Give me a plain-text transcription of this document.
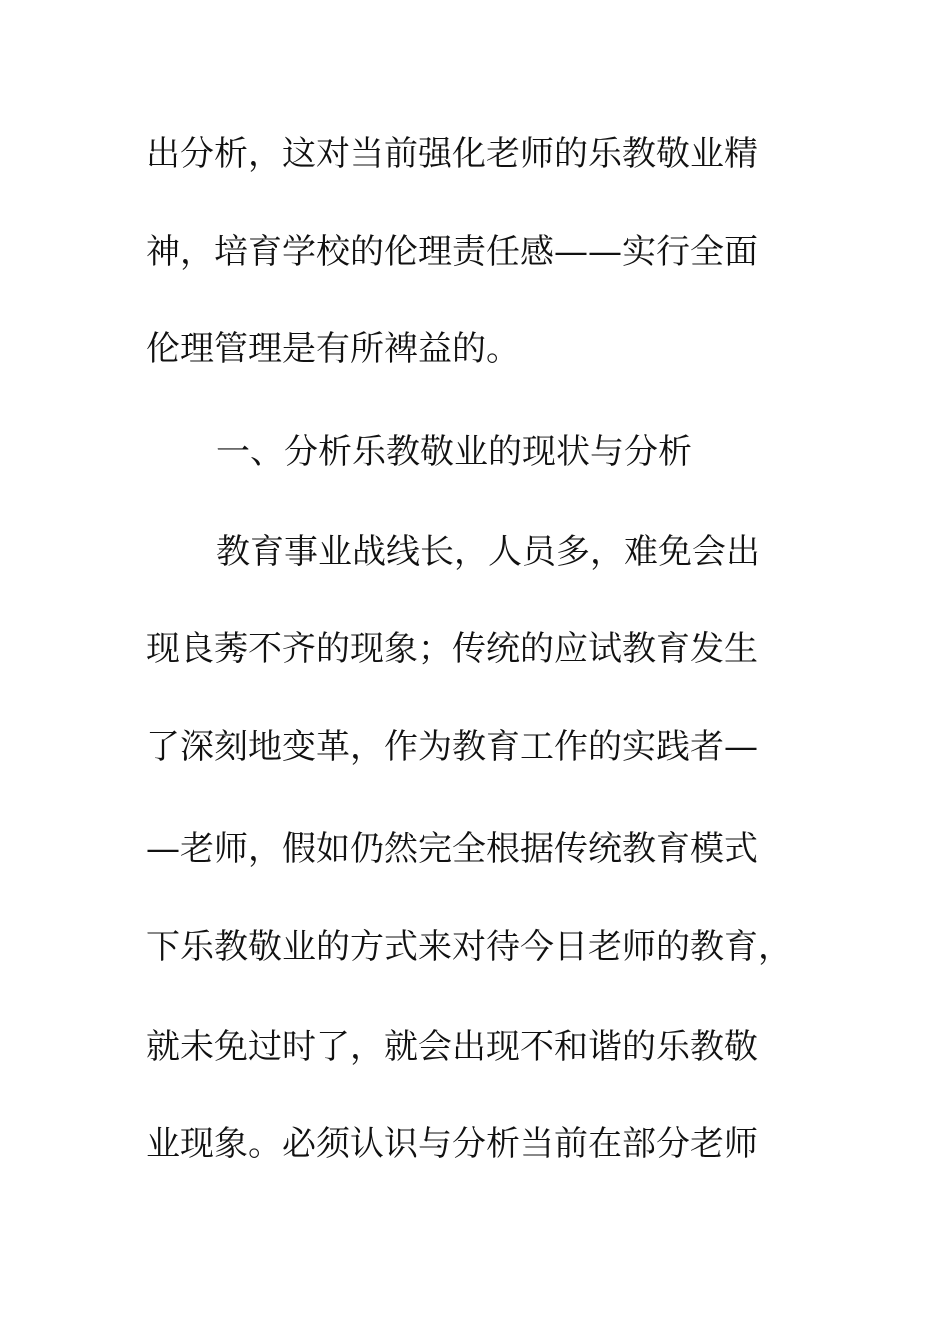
出分析，这对当前强化老师的乐教敬业精
神，培育学校的伦理责任感——实行全面
伦理管理是有所裨益的。
一、分析乐教敬业的现状与分析
教育事业战线长，人员多，难免会出
现良莠不齐的现象；传统的应试教育发生
了深刻地变革，作为教育工作的实践者—
—老师，假如仍然完全根据传统教育模式
下乐教敬业的方式来对待今日老师的教育，
就未免过时了，就会出现不和谐的乐教敬
业现象。必须认识与分析当前在部分老师
